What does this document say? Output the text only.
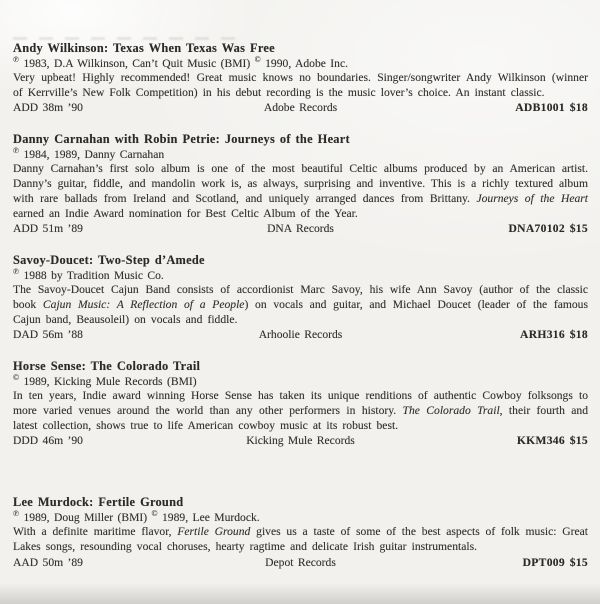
Andy Wilkinson: Texas When Texas Was Free

℗ 1983, D.A Wilkinson, Can’t Quit Music (BMI) © 1990, Adobe Inc.

Very upbeat! Highly recommended! Great music knows no boundaries. Singer/songwriter Andy Wilkinson (winner of Kerrville’s New Folk Competition) in his debut recording is the music lover’s choice. An instant classic.

ADD 38m ’90	Adobe Records	ADB1001 $18
Danny Carnahan with Robin Petrie: Journeys of the Heart

℗ 1984, 1989, Danny Carnahan

Danny Carnahan’s first solo album is one of the most beautiful Celtic albums produced by an American artist. Danny’s guitar, fiddle, and mandolin work is, as always, surprising and inventive. This is a richly textured album with rare ballads from Ireland and Scotland, and uniquely arranged dances from Brittany. Journeys of the Heart earned an Indie Award nomination for Best Celtic Album of the Year.

ADD 51m ’89	DNA Records	DNA70102 $15
Savoy-Doucet: Two-Step d’Amede

℗ 1988 by Tradition Music Co.

The Savoy-Doucet Cajun Band consists of accordionist Marc Savoy, his wife Ann Savoy (author of the classic book Cajun Music: A Reflection of a People) on vocals and guitar, and Michael Doucet (leader of the famous Cajun band, Beausoleil) on vocals and fiddle.

DAD 56m ’88	Arhoolie Records	ARH316 $18
Horse Sense: The Colorado Trail

© 1989, Kicking Mule Records (BMI)

In ten years, Indie award winning Horse Sense has taken its unique renditions of authentic Cowboy folksongs to more varied venues around the world than any other performers in history. The Colorado Trail, their fourth and latest collection, shows true to life American cowboy music at its robust best.

DDD 46m ’90	Kicking Mule Records	KKM346 $15
Lee Murdock: Fertile Ground

℗ 1989, Doug Miller (BMI) © 1989, Lee Murdock.

With a definite maritime flavor, Fertile Ground gives us a taste of some of the best aspects of folk music: Great Lakes songs, resounding vocal choruses, hearty ragtime and delicate Irish guitar instrumentals.

AAD 50m ’89	Depot Records	DPT009 $15
